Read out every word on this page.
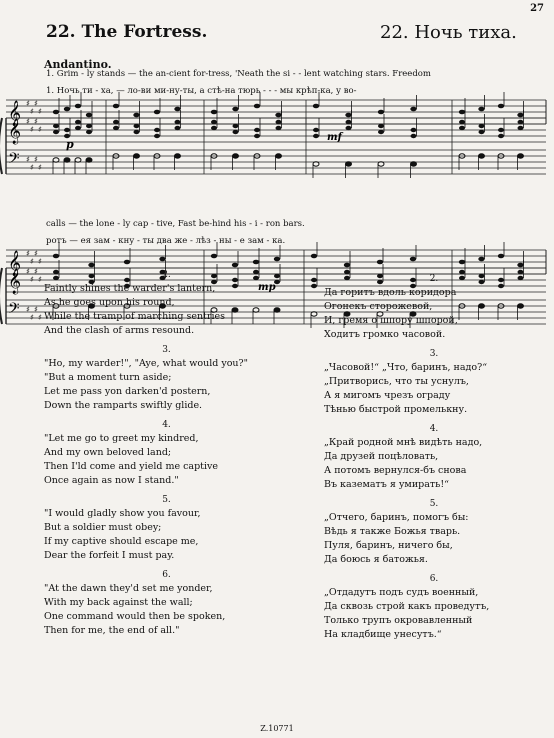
27
22. The Fortress.	22. Ночь тиха.
Andantino.
1. Grim - ly stands — the an-cient for-tress, 'Neath the si - - lent watching stars. Freedom
1. Ночь ти - ха, — ло-ви ми-ну-ты, а стѣ-на тюрь - - - мы крѣп-ка, у во-
calls — the lone - ly cap - tive, Fast be-hind his - i - ron bars.
ротъ — ея зам - кну - ты два же - лѣз - ны - е зам - ка.
𝄞
𝄞
𝄢
♯
♯
♯
♯
♯
♯
♯
♯
♯
♯
♯
♯
𝄞
𝄞
𝄢
♯
♯
♯
♯
♯
♯
♯
♯
♯
♯
♯
♯
p
mf
mp
2.
Faintly shines the warder's lantern,
As he goes upon his round,
While the tramp of marching sentries
And the clash of arms resound.
3.
"Ho, my warder!", "Aye, what would you?"
"But a moment turn aside;
Let me pass yon darken'd postern,
Down the ramparts swiftly glide.
4.
"Let me go to greet my kindred,
And my own beloved land;
Then I'ld come and yield me captive
Once again as now I stand."
5.
"I would gladly show you favour,
But a soldier must obey;
If my captive should escape me,
Dear the forfeit I must pay.
6.
"At the dawn they'd set me yonder,
With my back against the wall;
One command would then be spoken,
Then for me, the end of all."
2.
Да горитъ вдоль коридора
Огонекъ сторожевой,
И, гремя о шпору шпорой,
Ходитъ громко часовой.
3.
„Часовой!“ „Что, баринъ, надо?“
„Притворись, что ты уснулъ,
А я мигомъ чрезъ ограду
Тѣнью быстрой промелькну.
4.
„Край родной мнѣ видѣть надо,
Да друзей поцѣловать,
А потомъ вернулся-бъ снова
Въ казематъ я умирать!“
5.
„Отчего, баринъ, помогъ бы:
Вѣдь я также Божья тварь.
Пуля, баринъ, ничего бы,
Да боюсь я батожья.
6.
„Отдадутъ подъ судъ военный,
Да сквозь строй какъ проведутъ,
Только трупъ окровавленный
На кладбище унесутъ.“
Z.10771
